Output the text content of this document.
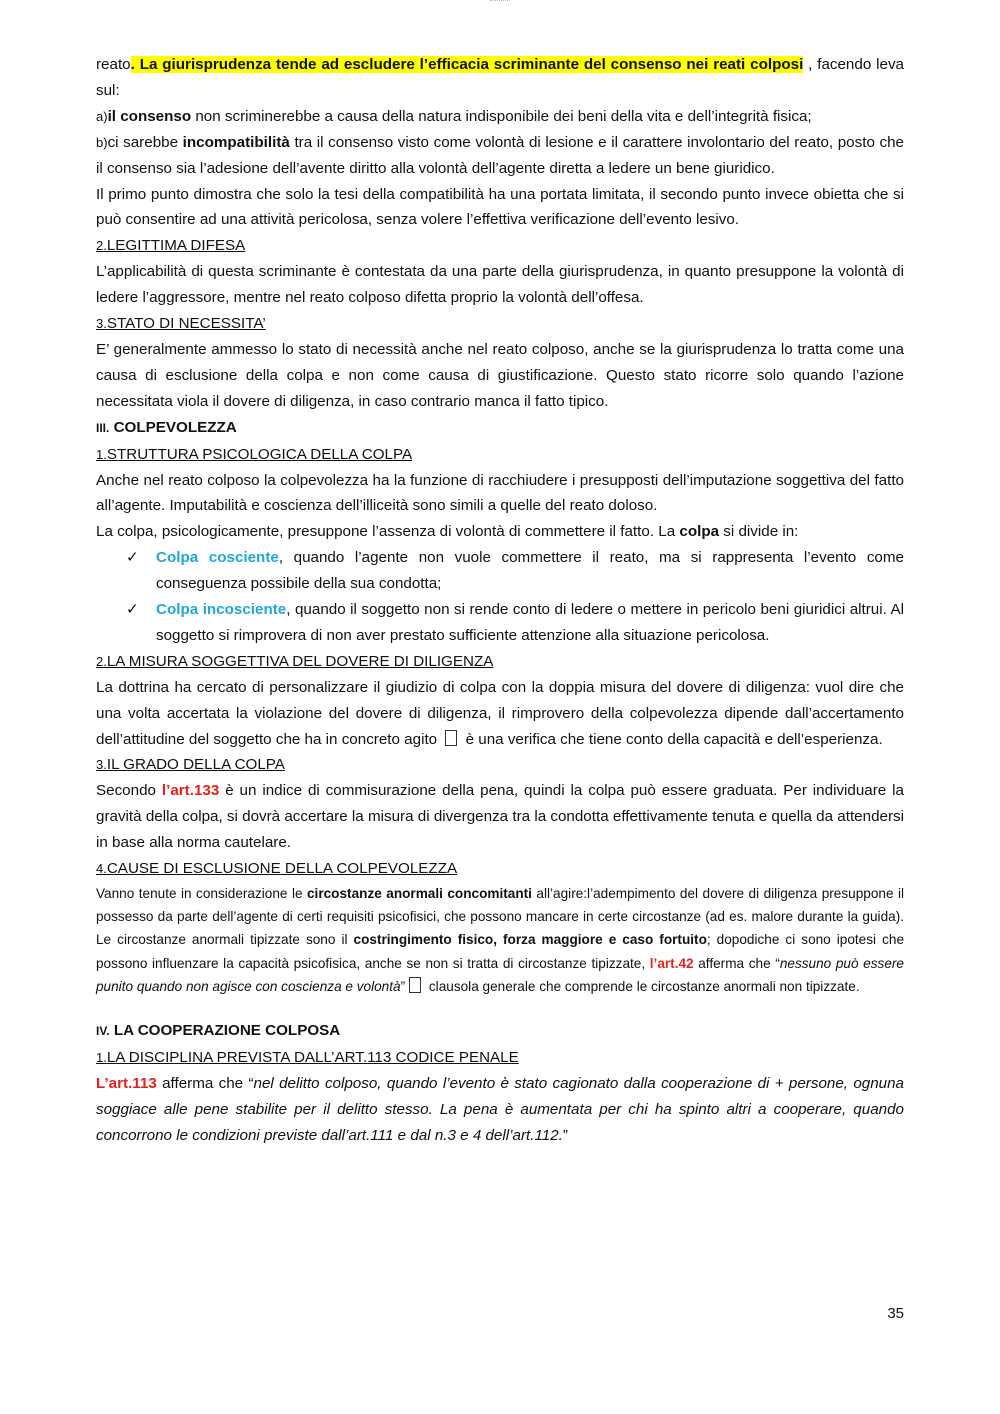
reato. La giurisprudenza tende ad escludere l’efficacia scriminante del consenso nei reati colposi , facendo leva sul:

a)il consenso non scriminerebbe a causa della natura indisponibile dei beni della vita e dell’integrità fisica;

b)ci sarebbe incompatibilità tra il consenso visto come volontà di lesione e il carattere involontario del reato, posto che il consenso sia l’adesione dell’avente diritto alla volontà dell’agente diretta a ledere un bene giuridico.

Il primo punto dimostra che solo la tesi della compatibilità ha una portata limitata, il secondo punto invece obietta che si può consentire ad una attività pericolosa, senza volere l’effettiva verificazione dell’evento lesivo.

2.LEGITTIMA DIFESA

L’applicabilità di questa scriminante è contestata da una parte della giurisprudenza, in quanto presuppone la volontà di ledere l’aggressore, mentre nel reato colposo difetta proprio la volontà dell’offesa.

3.STATO DI NECESSITA’

E’ generalmente ammesso lo stato di necessità anche nel reato colposo, anche se la giurisprudenza lo tratta come una causa di esclusione della colpa e non come causa di giustificazione. Questo stato ricorre solo quando l’azione necessitata viola il dovere di diligenza, in caso contrario manca il fatto tipico.

III. COLPEVOLEZZA

1.STRUTTURA PSICOLOGICA DELLA COLPA

Anche nel reato colposo la colpevolezza ha la funzione di racchiudere i presupposti dell’imputazione soggettiva del fatto all’agente. Imputabilità e coscienza dell’illiceità sono simili a quelle del reato doloso.

La colpa, psicologicamente, presuppone l’assenza di volontà di commettere il fatto. La colpa si divide in:

✓ Colpa cosciente, quando l’agente non vuole commettere il reato, ma si rappresenta l’evento come conseguenza possibile della sua condotta;
✓ Colpa incosciente, quando il soggetto non si rende conto di ledere o mettere in pericolo beni giuridici altrui. Al soggetto si rimprovera di non aver prestato sufficiente attenzione alla situazione pericolosa.

2.LA MISURA SOGGETTIVA DEL DOVERE DI DILIGENZA

La dottrina ha cercato di personalizzare il giudizio di colpa con la doppia misura del dovere di diligenza: vuol dire che una volta accertata la violazione del dovere di diligenza, il rimprovero della colpevolezza dipende dall’accertamento dell’attitudine del soggetto che ha in concreto agito è una verifica che tiene conto della capacità e dell’esperienza.

3.IL GRADO DELLA COLPA

Secondo l’art.133 è un indice di commisurazione della pena, quindi la colpa può essere graduata. Per individuare la gravità della colpa, si dovrà accertare la misura di divergenza tra la condotta effettivamente tenuta e quella da attendersi in base alla norma cautelare.

4.CAUSE DI ESCLUSIONE DELLA COLPEVOLEZZA

Vanno tenute in considerazione le circostanze anormali concomitanti all’agire:l’adempimento del dovere di diligenza presuppone il possesso da parte dell’agente di certi requisiti psicofisici, che possono mancare in certe circostanze (ad es. malore durante la guida). Le circostanze anormali tipizzate sono il costringimento fisico, forza maggiore e caso fortuito; dopodiche ci sono ipotesi che possono influenzare la capacità psicofisica, anche se non si tratta di circostanze tipizzate, l’art.42 afferma che “nessuno può essere punito quando non agisce con coscienza e volontà” clausola generale che comprende le circostanze anormali non tipizzate.

IV. LA COOPERAZIONE COLPOSA

1.LA DISCIPLINA PREVISTA DALL’ART.113 CODICE PENALE

L’art.113 afferma che “nel delitto colposo, quando l’evento è stato cagionato dalla cooperazione di + persone, ognuna soggiace alle pene stabilite per il delitto stesso. La pena è aumentata per chi ha spinto altri a cooperare, quando concorrono le condizioni previste dall’art.111 e dal n.3 e 4 dell’art.112.”

35
